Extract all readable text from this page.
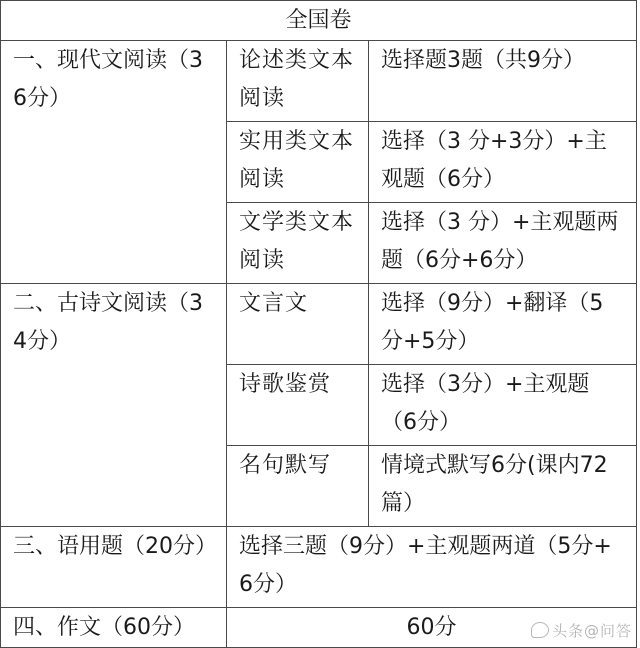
全国卷		
一、现代文阅读（36分）	论述类文本阅读	选择题3题（共9分）
	实用类文本阅读	选择（3 分+3分）+主观题（6分）
	文学类文本阅读	选择（3 分）+主观题两题（6分+6分）
二、古诗文阅读（34分）	文言文	选择（9分）+翻译（5分+5分）
	诗歌鉴赏	选择（3分）+主观题（6分）
	名句默写	情境式默写6分(课内72篇）
三、语用题（20分）	选择三题（9分）+主观题两道（5分+6分）	
四、作文（60分）	60分		头条@问答
